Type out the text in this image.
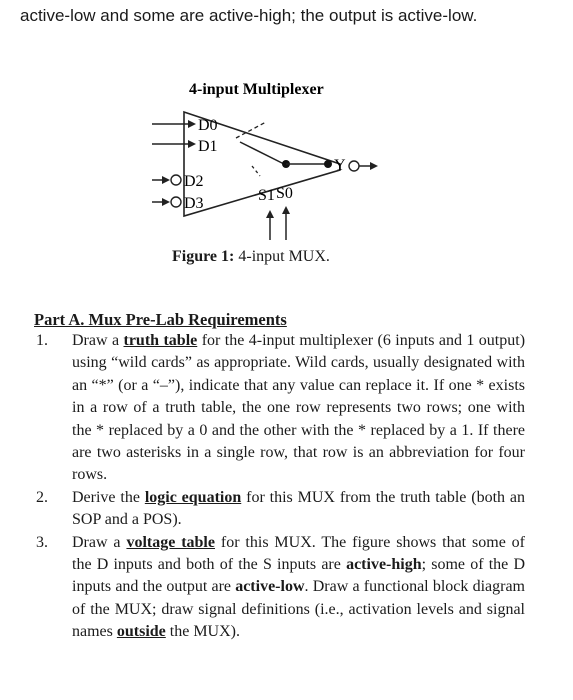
active-low and some are active-high; the output is active-low.
4-input Multiplexer
D0
D1
D2
D3
Y
S1 S0
Figure 1: 4-input MUX.
Part A. Mux Pre-Lab Requirements
1. Draw a truth table for the 4-input multiplexer (6 inputs and 1 output) using “wild cards” as appropriate. Wild cards, usually designated with an “*” (or a “–”), indicate that any value can replace it. If one * exists in a row of a truth table, the one row represents two rows; one with the * replaced by a 0 and the other with the * replaced by a 1. If there are two asterisks in a single row, that row is an abbreviation for four rows.
2. Derive the logic equation for this MUX from the truth table (both an SOP and a POS).
3. Draw a voltage table for this MUX. The figure shows that some of the D inputs and both of the S inputs are active-high; some of the D inputs and the output are active-low. Draw a functional block diagram of the MUX; draw signal definitions (i.e., activation levels and signal names outside the MUX).
